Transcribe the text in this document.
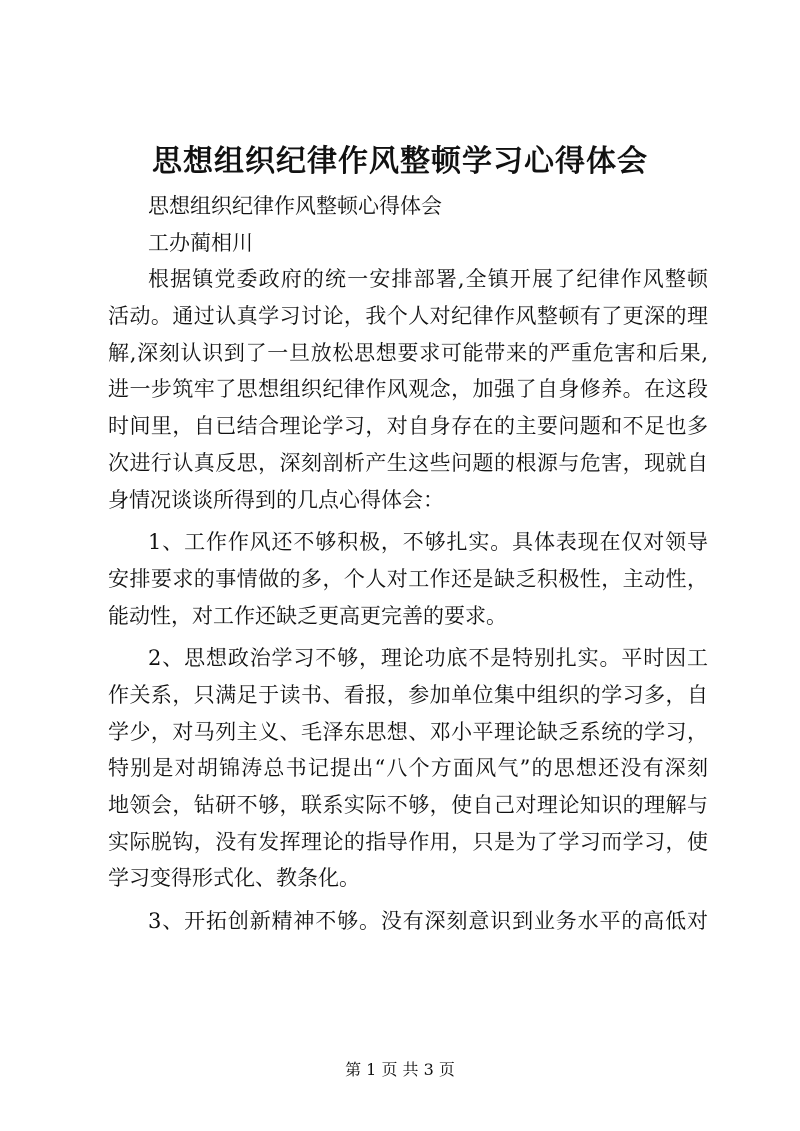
思想组织纪律作风整顿学习心得体会
思想组织纪律作风整顿心得体会
工办蔺相川
根据镇党委政府的统一安排部署,全镇开展了纪律作风整顿
活动。通过认真学习讨论，我个人对纪律作风整顿有了更深的理
解,深刻认识到了一旦放松思想要求可能带来的严重危害和后果,
进一步筑牢了思想组织纪律作风观念，加强了自身修养。在这段
时间里，自已结合理论学习，对自身存在的主要问题和不足也多
次进行认真反思，深刻剖析产生这些问题的根源与危害，现就自
身情况谈谈所得到的几点心得体会：
1、工作作风还不够积极，不够扎实。具体表现在仅对领导
安排要求的事情做的多，个人对工作还是缺乏积极性，主动性，
能动性，对工作还缺乏更高更完善的要求。
2、思想政治学习不够，理论功底不是特别扎实。平时因工
作关系，只满足于读书、看报，参加单位集中组织的学习多，自
学少，对马列主义、毛泽东思想、邓小平理论缺乏系统的学习，
特别是对胡锦涛总书记提出“八个方面风气”的思想还没有深刻
地领会，钻研不够，联系实际不够，使自己对理论知识的理解与
实际脱钩，没有发挥理论的指导作用，只是为了学习而学习，使
学习变得形式化、教条化。
3、开拓创新精神不够。没有深刻意识到业务水平的高低对
第 1 页 共 3 页
